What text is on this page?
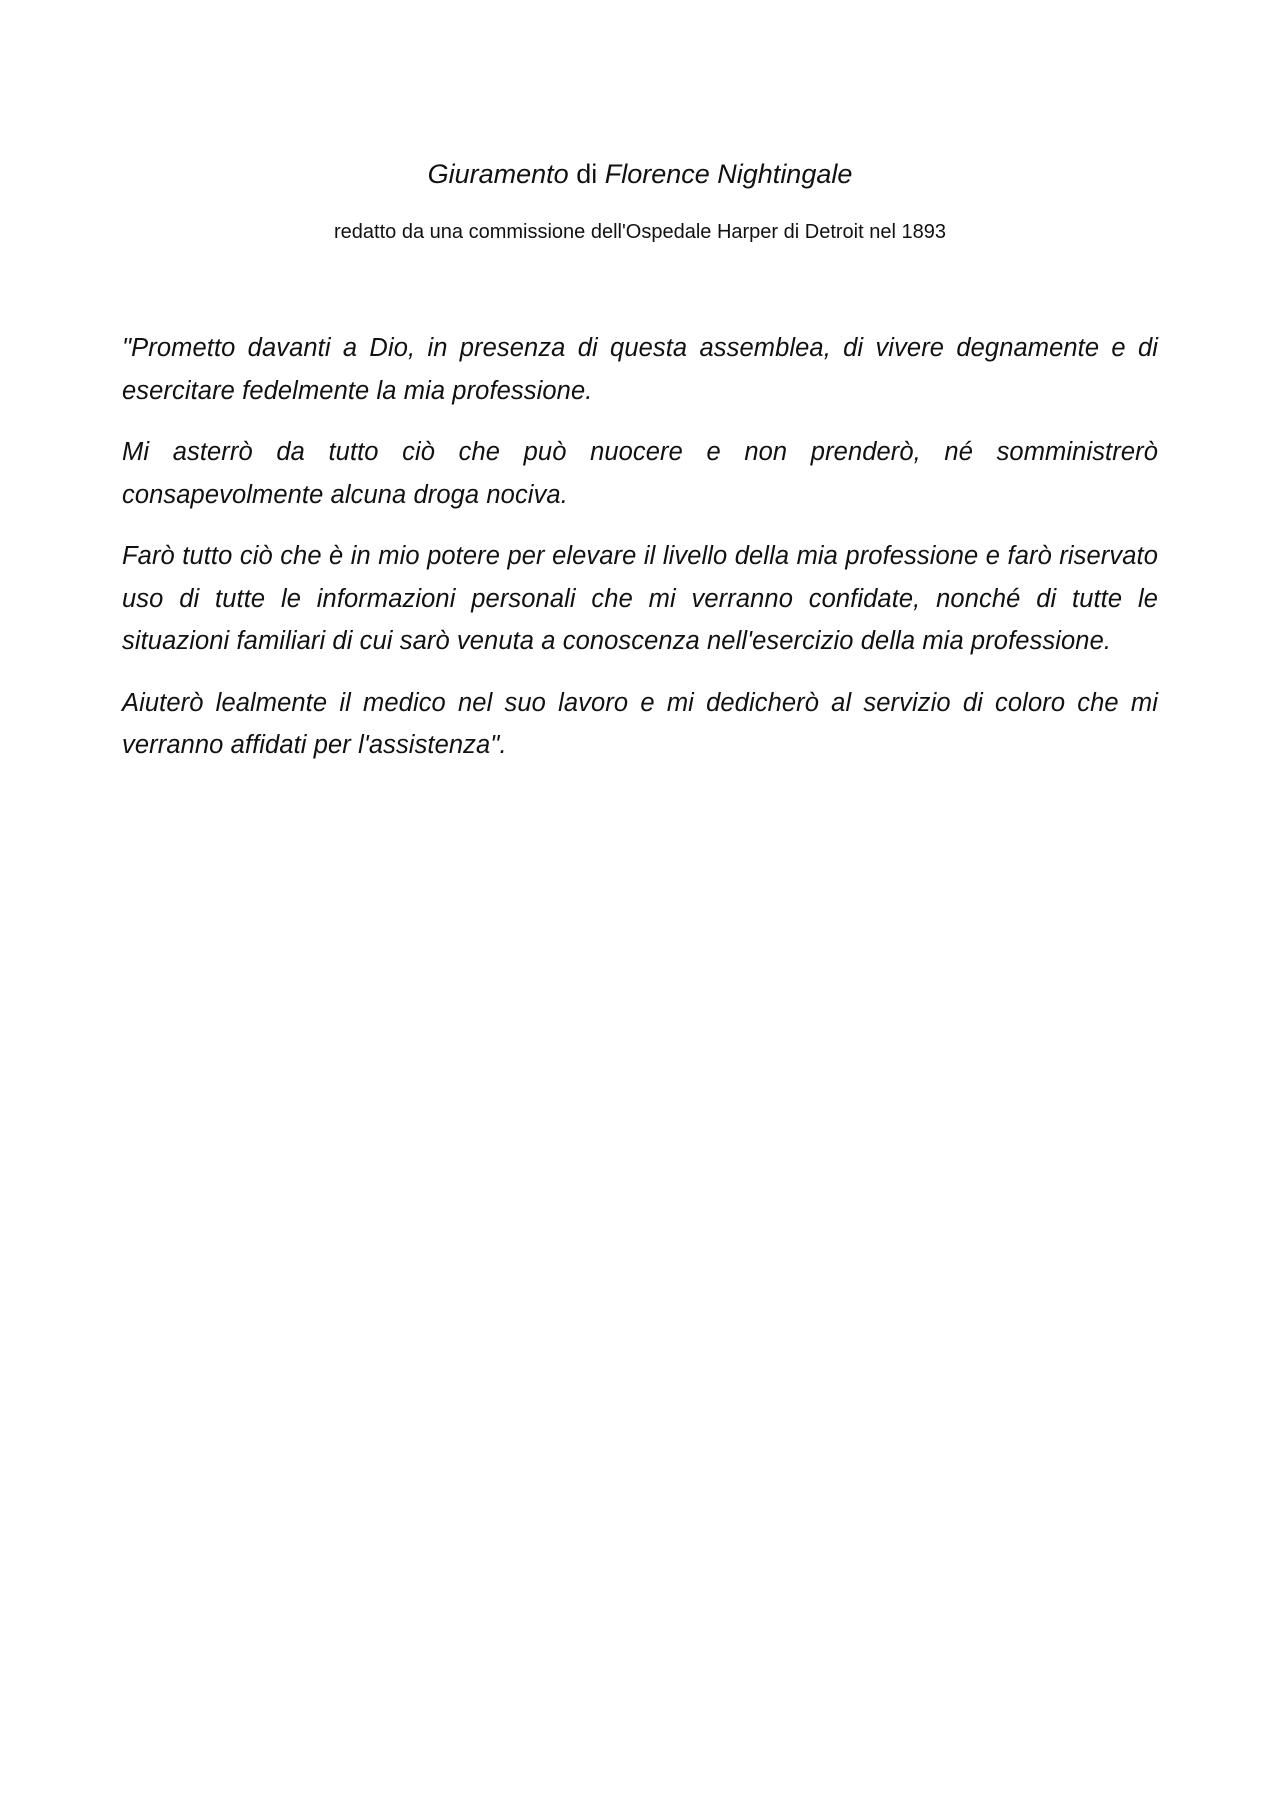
Giuramento di Florence Nightingale

redatto da una commissione dell'Ospedale Harper di Detroit nel 1893

"Prometto davanti a Dio, in presenza di questa assemblea, di vivere degnamente e di esercitare fedelmente la mia professione.

Mi asterrò da tutto ciò che può nuocere e non prenderò, né somministrerò consapevolmente alcuna droga nociva.

Farò tutto ciò che è in mio potere per elevare il livello della mia professione e farò riservato uso di tutte le informazioni personali che mi verranno confidate, nonché di tutte le situazioni familiari di cui sarò venuta a conoscenza nell'esercizio della mia professione.

Aiuterò lealmente il medico nel suo lavoro e mi dedicherò al servizio di coloro che mi verranno affidati per l'assistenza".
